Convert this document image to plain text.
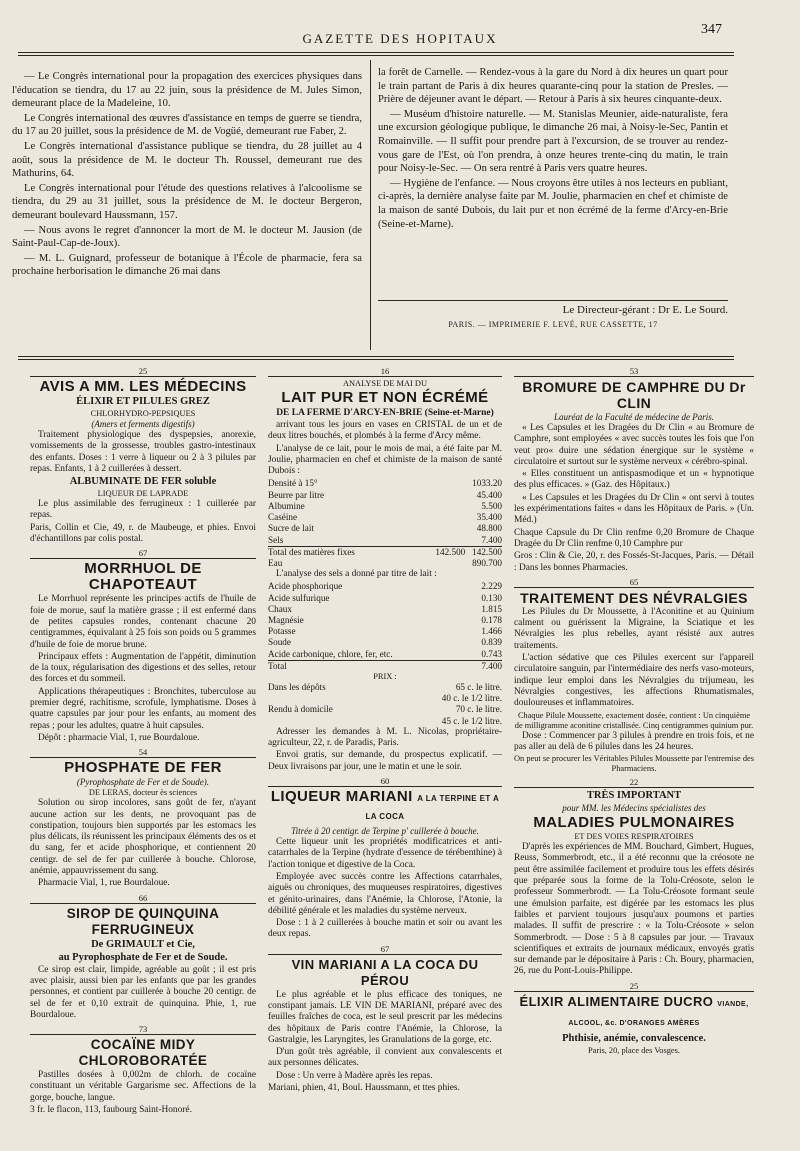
347
GAZETTE DES HOPITAUX

— Le Congrès international pour la propagation des exercices physiques dans l'éducation se tiendra, du 17 au 22 juin, sous la présidence de M. Jules Simon, demeurant place de la Madeleine, 10.

Le Congrès international des œuvres d'assistance en temps de guerre se tiendra, du 17 au 20 juillet, sous la présidence de M. de Vogüé, demeurant rue Faber, 2.

Le Congrès international d'assistance publique se tiendra, du 28 juillet au 4 août, sous la présidence de M. le docteur Th. Roussel, demeurant rue des Mathurins, 64.

Le Congrès international pour l'étude des questions relatives à l'alcoolisme se tiendra, du 29 au 31 juillet, sous la présidence de M. le docteur Bergeron, demeurant boulevard Haussmann, 157.

— Nous avons le regret d'annoncer la mort de M. le docteur M. Jausion (de Saint-Paul-Cap-de-Joux).

— M. L. Guignard, professeur de botanique à l'École de pharmacie, fera sa prochaine herborisation le dimanche 26 mai dans

la forêt de Carnelle. — Rendez-vous à la gare du Nord à dix heures un quart pour le train partant de Paris à dix heures quarante-cinq pour la station de Presles. — Prière de déjeuner avant le départ. — Retour à Paris à six heures cinquante-deux.

— Muséum d'histoire naturelle. — M. Stanislas Meunier, aide-naturaliste, fera une excursion géologique publique, le dimanche 26 mai, à Noisy-le-Sec, Pantin et Romainville. — Il suffit pour prendre part à l'excursion, de se trouver au rendez-vous gare de l'Est, où l'on prendra, à onze heures trente-cinq du matin, le train pour Noisy-le-Sec. — On sera rentré à Paris vers quatre heures.

— Hygiène de l'enfance. — Nous croyons être utiles à nos lecteurs en publiant, ci-après, la dernière analyse faite par M. Joulie, pharmacien en chef et chimiste de la maison de santé Dubois, du lait pur et non écrémé de la ferme d'Arcy-en-Brie (Seine-et-Marne).

Le Directeur-gérant : Dr E. Le Sourd.
PARIS. — IMPRIMERIE F. LEVÉ, RUE CASSETTE, 17
25
AVIS A MM. LES MÉDECINS
ÉLIXIR ET PILULES GREZ
CHLORHYDRO-PEPSIQUES
(Amers et ferments digestifs)

Traitement physiologique des dyspepsies, anorexie, vomissements de la grossesse, troubles gastro-intestinaux des enfants. Doses : 1 verre à liqueur ou 2 à 3 pilules par repas. Enfants, 1 à 2 cuillerées à dessert.

ALBUMINATE DE FER soluble
LIQUEUR DE LAPRADE

Le plus assimilable des ferrugineux : 1 cuillerée par repas.

Paris, Collin et Cie, 49, r. de Maubeuge, et phies. Envoi d'échantillons par colis postal.

67
MORRHUOL DE CHAPOTEAUT

Le Morrhuol représente les principes actifs de l'huile de foie de morue, sauf la matière grasse ; il est enfermé dans de petites capsules rondes, contenant chacune 20 centigrammes, équivalant à 25 fois son poids ou 5 grammes d'huile de foie de morue brune.

Principaux effets : Augmentation de l'appétit, diminution de la toux, régularisation des digestions et des selles, retour des forces et du sommeil.

Applications thérapeutiques : Bronchites, tuberculose au premier degré, rachitisme, scrofule, lymphatisme. Doses à quatre capsules par jour pour les enfants, au moment des repas ; pour les adultes, quatre à huit capsules.

Dépôt : pharmacie Vial, 1, rue Bourdaloue.

54
PHOSPHATE DE FER
(Pyrophosphate de Fer et de Soude).
DE LERAS, docteur ès sciences

Solution ou sirop incolores, sans goût de fer, n'ayant aucune action sur les dents, ne provoquant pas de constipation, toujours bien supportés par les estomacs les plus délicats, ils réunissent les principaux éléments des os et du sang, fer et acide phosphorique, et contiennent 20 centigr. de sel de fer par cuillerée à bouche. Chlorose, anémie, appauvrissement du sang.

Pharmacie Vial, 1, rue Bourdaloue.

66
SIROP DE QUINQUINA FERRUGINEUX
De GRIMAULT et Cie,
au Pyrophosphate de Fer et de Soude.

Ce sirop est clair, limpide, agréable au goût ; il est pris avec plaisir, aussi bien par les enfants que par les grandes personnes, et contient par cuillerée à bouche 20 centigr. de sel de fer et 0,10 extrait de quinquina. Phie, 1, rue Bourdaloue.

73
COCAÏNE MIDY CHLOROBORATÉE

Pastilles dosées à 0,002m de chlorh. de cocaïne constituant un véritable Gargarisme sec. Affections de la gorge, bouche, langue.

3 fr. le flacon, 113, faubourg Saint-Honoré.

16
ANALYSE DE MAI DU
LAIT PUR ET NON ÉCRÉMÉ
DE LA FERME D'ARCY-EN-BRIE (Seine-et-Marne)

arrivant tous les jours en vases en CRISTAL de un et de deux litres bouchés, et plombés à la ferme d'Arcy même.

L'analyse de ce lait, pour le mois de mai, a été faite par M. Joulie, pharmacien en chef et chimiste de la maison de santé Dubois :

Densité à 15°	1033.20
Beurre par litre	45.400
Albumine	5.500
Caséine	35.400
Sucre de lait	48.800
Sels	7.400
Total des matières fixes	142.500 142.500
Eau	890.700

L'analyse des sels a donné par titre de lait :

Acide phosphorique	2.229
Acide sulfurique	0.130
Chaux	1.815
Magnésie	0.178
Potasse	1.466
Soude	0.839
Acide carbonique, chlore, fer, etc.	0.743
Total	7.400
PRIX :
Dans les dépôts	65 c. le litre.
40 c. le 1/2 litre.
Rendu à domicile	70 c. le litre.
45 c. le 1/2 litre.

Adresser les demandes à M. L. Nicolas, propriétaire-agriculteur, 22, r. de Paradis, Paris.

Envoi gratis, sur demande, du prospectus explicatif. — Deux livraisons par jour, une le matin et une le soir.

60
LIQUEUR MARIANI A LA TERPINE ET A LA COCA
Titrée à 20 centigr. de Terpine p' cuillerée à bouche.

Cette liqueur unit les propriétés modificatrices et anti-catarrhales de la Terpine (hydrate d'essence de térébenthine) à l'action tonique et digestive de la Coca.

Employée avec succès contre les Affections catarrhales, aiguës ou chroniques, des muqueuses respiratoires, digestives et génito-urinaires, dans l'Anémie, la Chlorose, l'Atonie, la débilité générale et les maladies du système nerveux.

Dose : 1 à 2 cuillerées à bouche matin et soir ou avant les deux repas.

67
VIN MARIANI A LA COCA DU PÉROU

Le plus agréable et le plus efficace des toniques, ne constipant jamais. LE VIN DE MARIANI, préparé avec des feuilles fraîches de coca, est le seul prescrit par les médecins des hôpitaux de Paris contre l'Anémie, la Chlorose, la Gastralgie, les Laryngites, les Granulations de la gorge, etc.

D'un goût très agréable, il convient aux convalescents et aux personnes délicates.

Dose : Un verre à Madère après les repas.

Mariani, phien, 41, Boul. Haussmann, et ttes phies.

53
BROMURE DE CAMPHRE DU Dr CLIN
Lauréat de la Faculté de médecine de Paris.

« Les Capsules et les Dragées du Dr Clin « au Bromure de Camphre, sont employées « avec succès toutes les fois que l'on veut pro« duire une sédation énergique sur le système « circulatoire et surtout sur le système nerveux « cérébro-spinal.

« Elles constituent un antispasmodique et un « hypnotique des plus efficaces. » (Gaz. des Hôpitaux.)

« Les Capsules et les Dragées du Dr Clin « ont servi à toutes les expérimentations faites « dans les Hôpitaux de Paris. » (Un. Méd.)

Chaque Capsule du Dr Clin renfme 0,20 Bromure de Chaque Dragée du Dr Clin renfme 0,10 Camphre pur

Gros : Clin & Cie, 20, r. des Fossés-St-Jacques, Paris. — Détail : Dans les bonnes Pharmacies.

65
TRAITEMENT DES NÉVRALGIES

Les Pilules du Dr Moussette, à l'Aconitine et au Quinium calment ou guérissent la Migraine, la Sciatique et les Névralgies les plus rebelles, ayant résisté aux autres traitements.

L'action sédative que ces Pilules exercent sur l'appareil circulatoire sanguin, par l'intermédiaire des nerfs vaso-moteurs, indique leur emploi dans les Névralgies du trijumeau, les Névralgies congestives, les affections Rhumatismales, douloureuses et inflammatoires.

Chaque Pilule Moussette, exactement dosée, contient : Un cinquième de milligramme aconitine cristallisée. Cinq centigrammes quinium pur.

Dose : Commencer par 3 pilules à prendre en trois fois, et ne pas aller au delà de 6 pilules dans les 24 heures.

On peut se procurer les Véritables Pilules Moussette par l'entremise des Pharmaciens.
22
TRÈS IMPORTANT
pour MM. les Médecins spécialistes des
MALADIES PULMONAIRES
ET DES VOIES RESPIRATOIRES

D'après les expériences de MM. Bouchard, Gimbert, Hugues, Reuss, Sommerbrodt, etc., il a été reconnu que la créosote ne peut être assimilée facilement et produire tous les effets désirés que préparée sous la forme de la Tolu-Créosote, selon le professeur Sommerbrodt. — La Tolu-Créosote formant seule une émulsion parfaite, est digérée par les estomacs les plus faibles et parvient toujours jusqu'aux poumons et parties malades. Il suffit de prescrire : « la Tolu-Créosote » selon Sommerbrodt. — Dose : 5 à 8 capsules par jour. — Travaux scientifiques et extraits de journaux médicaux, envoyés gratis sur demande par le dépositaire à Paris : Ch. Boury, pharmacien, 26, rue du Pont-Louis-Philippe.

25
ÉLIXIR ALIMENTAIRE DUCRO VIANDE, ALCOOL, &c. D'ORANGES AMÈRES
Phthisie, anémie, convalescence.
Paris, 20, place des Vosges.
